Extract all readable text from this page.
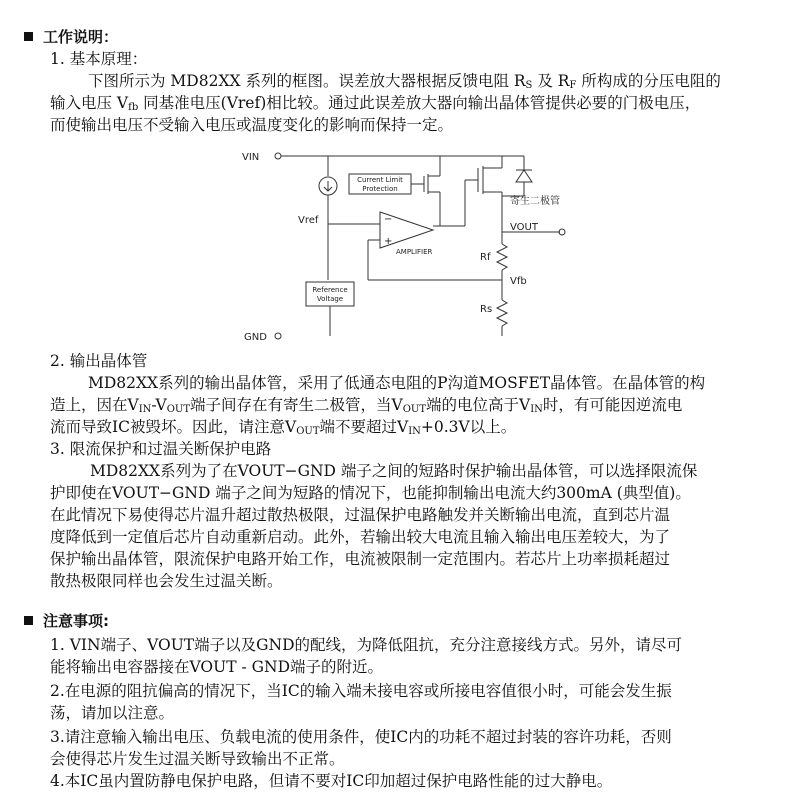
工作说明：
1. 基本原理：
下图所示为 MD82XX 系列的框图。误差放大器根据反馈电阻 $R_S$ 及 $R_F$ 所构成的分压电阻的
输入电压 $V_{fb}$ 同基准电压(Vref)相比较。通过此误差放大器向输出晶体管提供必要的门极电压，
而使输出电压不受输入电压或温度变化的影响而保持一定。
VIN
Reference
Voltage
Vref
Current Limit
Protection
寄生二极管
−
+
AMPLIFIER
VOUT
Rf
Vfb
Rs
GND
2. 输出晶体管
MD82XX系列的输出晶体管，采用了低通态电阻的P沟道MOSFET晶体管。在晶体管的构
造上，因在$V_{IN}-V_{OUT}$端子间存在有寄生二极管，当$V_{OUT}$端的电位高于$V_{IN}$时，有可能因逆流电
流而导致IC被毁坏。因此，请注意$V_{OUT}$端不要超过$V_{IN}+0.3V$以上。
3. 限流保护和过温关断保护电路
MD82XX系列为了在VOUT−GND 端子之间的短路时保护输出晶体管，可以选择限流保
护即使在VOUT−GND 端子之间为短路的情况下，也能抑制输出电流大约300mA (典型值)。
在此情况下易使得芯片温升超过散热极限，过温保护电路触发并关断输出电流，直到芯片温
度降低到一定值后芯片自动重新启动。此外，若输出较大电流且输入输出电压差较大，为了
保护输出晶体管，限流保护电路开始工作，电流被限制一定范围内。若芯片上功率损耗超过
散热极限同样也会发生过温关断。
注意事项:
1. VIN端子、VOUT端子以及GND的配线，为降低阻抗，充分注意接线方式。另外，请尽可
能将输出电容器接在VOUT - GND端子的附近。
2.在电源的阻抗偏高的情况下，当IC的输入端未接电容或所接电容值很小时，可能会发生振
荡，请加以注意。
3.请注意输入输出电压、负载电流的使用条件，使IC内的功耗不超过封装的容许功耗，否则
会使得芯片发生过温关断导致输出不正常。
4.本IC虽内置防静电保护电路，但请不要对IC印加超过保护电路性能的过大静电。
